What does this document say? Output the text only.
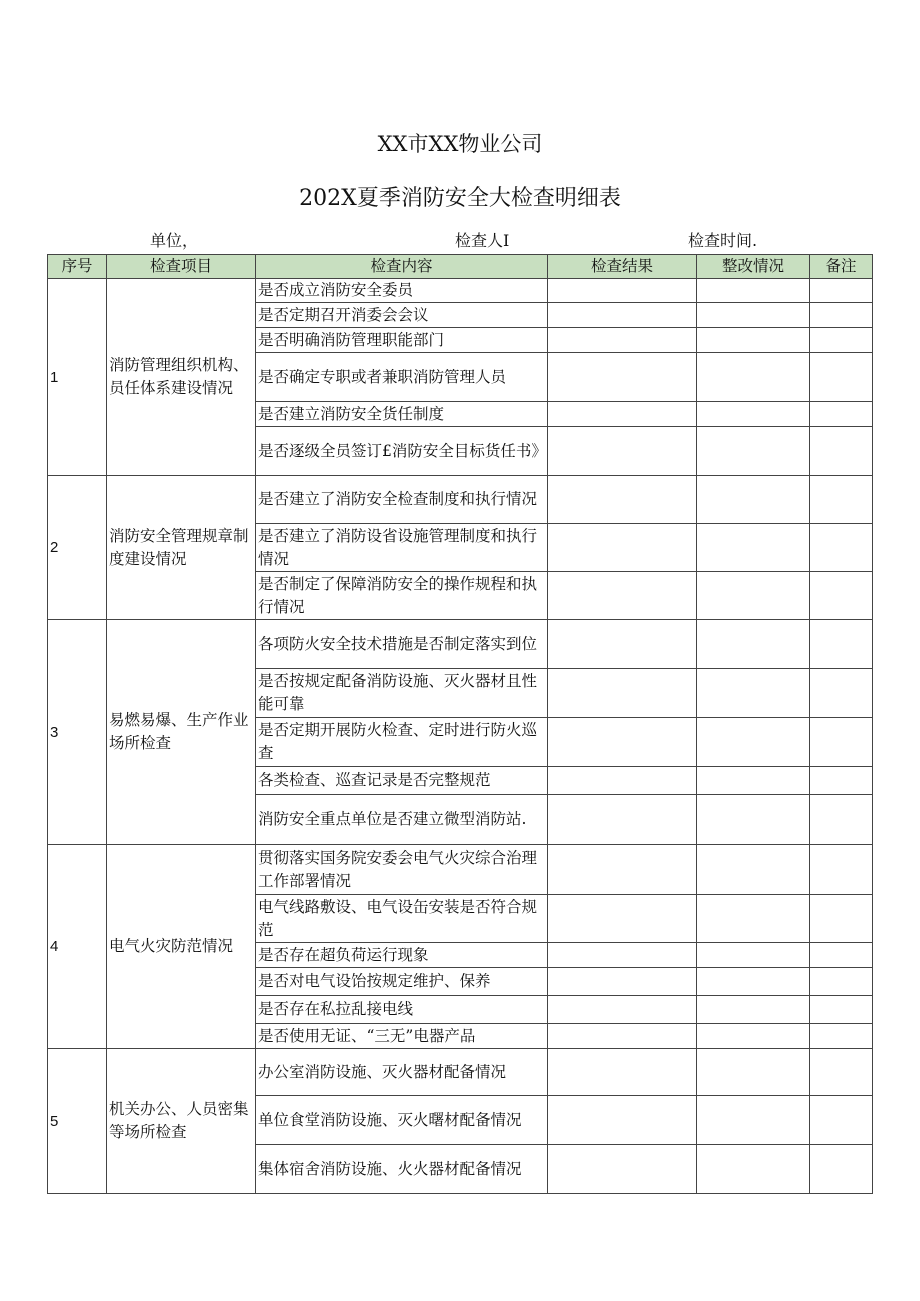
XX市XX物业公司
202X夏季消防安全大检查明细表
单位，	检查人I	检查时间.
序号	检查项目	检查内容	检查结果	整改情况	备注
1	消防管理组织机构、员任体系建设情况	是否成立消防安全委员			
		是否定期召开消委会会议			
		是否明确消防管理职能部门			
		是否确定专职或者兼职消防管理人员			
		是否建立消防安全货任制度			
		是否逐级全员签订£消防安全目标货任书》			
2	消防安全管理规章制度建设情况	是否建立了消防安全检查制度和执行情况			
		是否建立了消防设省设施管理制度和执行情况			
		是否制定了保障消防安全的操作规程和执行情况			
3	易燃易爆、生产作业场所检查	各项防火安全技术措施是否制定落实到位			
		是否按规定配备消防设施、灭火器材且性能可靠			
		是否定期开展防火检查、定时进行防火巡查			
		各类检查、巡查记录是否完整规范			
		消防安全重点单位是否建立微型消防站.			
4	电气火灾防范情况	贯彻落实国务院安委会电气火灾综合治理工作部署情况			
		电气线路敷设、电气设缶安装是否符合规范			
		是否存在超负荷运行现象			
		是否对电气设饴按规定维护、保养			
		是否存在私拉乱接电线			
		是否使用无证、“三无”电器产品			
5	机关办公、人员密集等场所检查	办公室消防设施、灭火器材配备情况			
		单位食堂消防设施、灭火曙材配备情况			
		集体宿舍消防设施、火火器材配备情况			
